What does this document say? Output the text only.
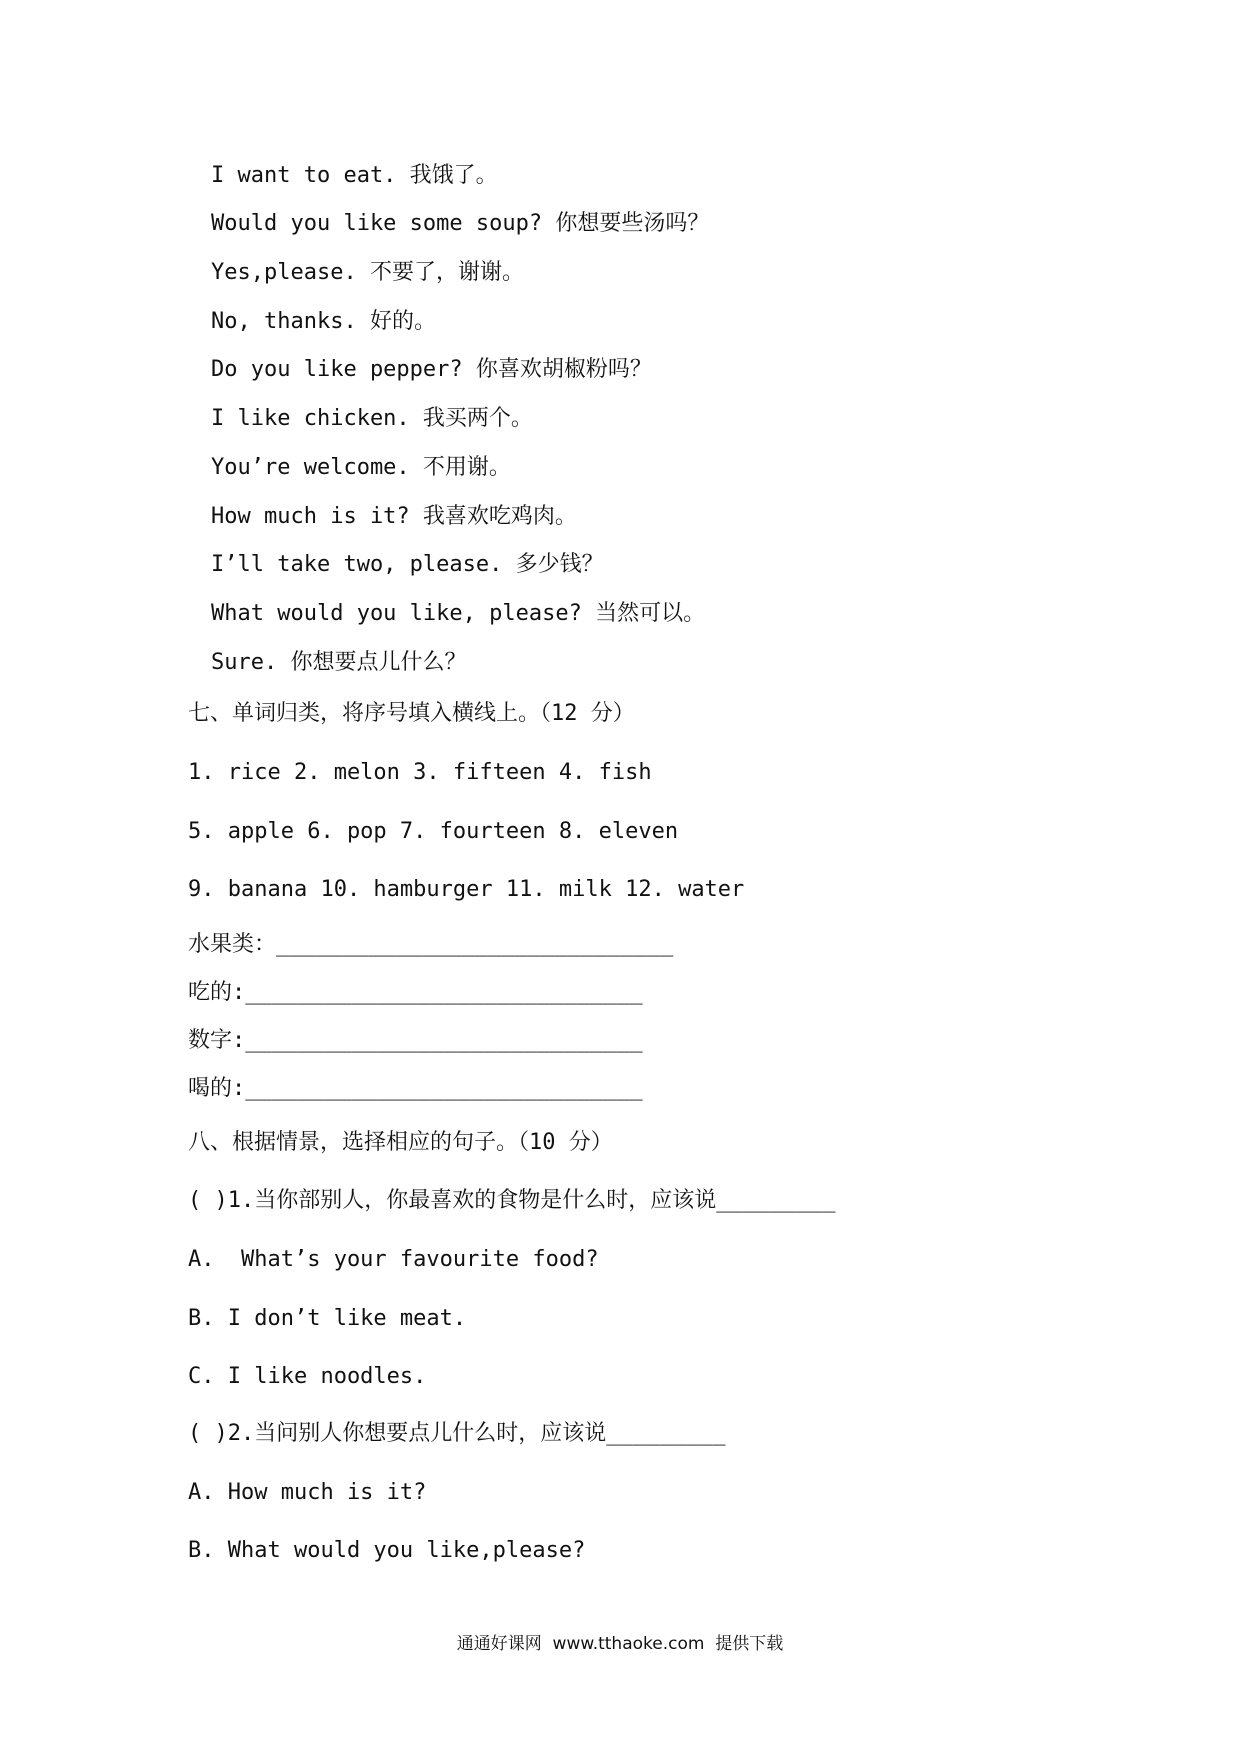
I want to eat. 我饿了。
Would you like some soup? 你想要些汤吗？
Yes,please. 不要了，谢谢。
No, thanks. 好的。
Do you like pepper? 你喜欢胡椒粉吗？
I like chicken. 我买两个。
You’re welcome. 不用谢。
How much is it? 我喜欢吃鸡肉。
I’ll take two, please. 多少钱？
What would you like, please? 当然可以。
Sure. 你想要点儿什么？
七、单词归类，将序号填入横线上。（12 分）
1. rice 2. melon 3. fifteen 4. fish
5. apple 6. pop 7. fourteen 8. eleven
9. banana 10. hamburger 11. milk 12. water
水果类：______________________________
吃的:______________________________
数字:______________________________
喝的:______________________________
八、根据情景，选择相应的句子。（10 分）
( )1.当你部别人，你最喜欢的食物是什么时，应该说_________
A.  What’s your favourite food?
B. I don’t like meat.
C. I like noodles.
( )2.当问别人你想要点儿什么时，应该说_________
A. How much is it?
B. What would you like,please?
通通好课网  www.tthaoke.com  提供下载
